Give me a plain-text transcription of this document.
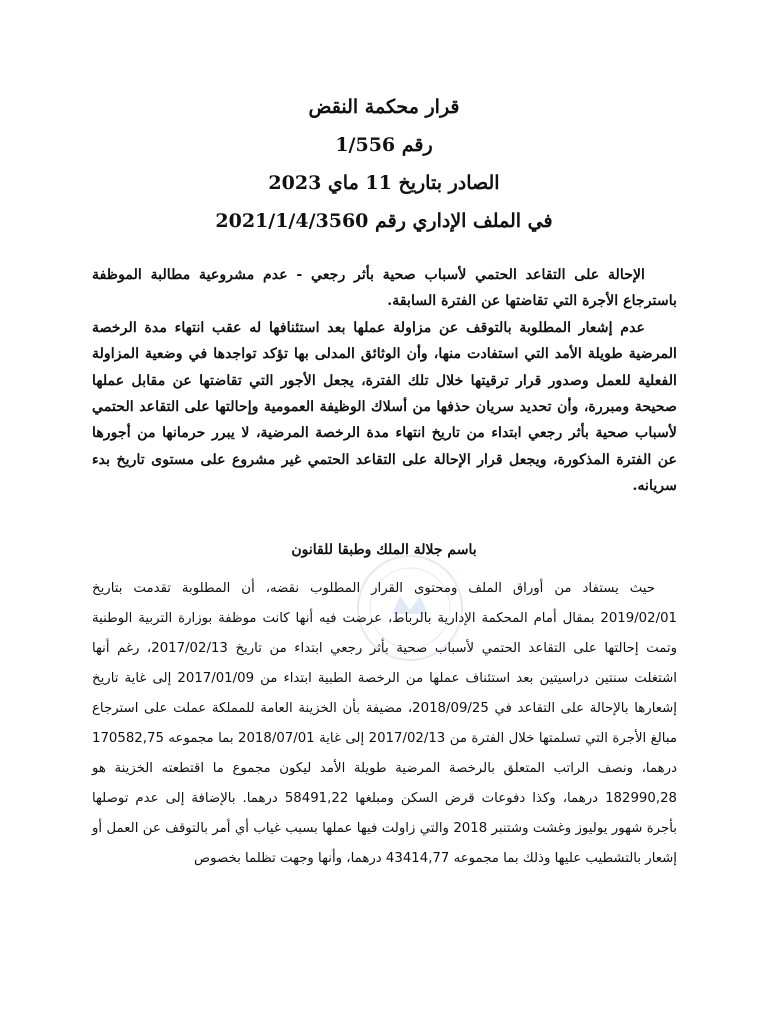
قرار محكمة النقض
رقم 1/556
الصادر بتاريخ 11 ماي 2023
في الملف الإداري رقم 2021/1/4/3560

الإحالة على التقاعد الحتمي لأسباب صحية بأثر رجعي - عدم مشروعية مطالبة الموظفة باسترجاع الأجرة التي تقاضتها عن الفترة السابقة.

عدم إشعار المطلوبة بالتوقف عن مزاولة عملها بعد استئنافها له عقب انتهاء مدة الرخصة المرضية طويلة الأمد التي استفادت منها، وأن الوثائق المدلى بها تؤكد تواجدها في وضعية المزاولة الفعلية للعمل وصدور قرار ترقيتها خلال تلك الفترة، يجعل الأجور التي تقاضتها عن مقابل عملها صحيحة ومبررة، وأن تحديد سريان حذفها من أسلاك الوظيفة العمومية وإحالتها على التقاعد الحتمي لأسباب صحية بأثر رجعي ابتداء من تاريخ انتهاء مدة الرخصة المرضية، لا يبرر حرمانها من أجورها عن الفترة المذكورة، ويجعل قرار الإحالة على التقاعد الحتمي غير مشروع على مستوى تاريخ بدء سريانه.

باسم جلالة الملك وطبقا للقانون

حيث يستفاد من أوراق الملف ومحتوى القرار المطلوب نقضه، أن المطلوبة تقدمت بتاريخ 2019/02/01 بمقال أمام المحكمة الإدارية بالرباط، عرضت فيه أنها كانت موظفة بوزارة التربية الوطنية وتمت إحالتها على التقاعد الحتمي لأسباب صحية بأثر رجعي ابتداء من تاريخ 2017/02/13، رغم أنها اشتغلت سنتين دراسيتين بعد استئناف عملها من الرخصة الطبية ابتداء من 2017/01/09 إلى غاية تاريخ إشعارها بالإحالة على التقاعد في 2018/09/25، مضيفة بأن الخزينة العامة للمملكة عملت على استرجاع مبالغ الأجرة التي تسلمتها خلال الفترة من 2017/02/13 إلى غاية 2018/07/01 بما مجموعه 170582,75 درهما، ونصف الراتب المتعلق بالرخصة المرضية طويلة الأمد ليكون مجموع ما اقتطعته الخزينة هو 182990,28 درهما، وكذا دفوعات قرض السكن ومبلغها 58491,22 درهما. بالإضافة إلى عدم توصلها بأجرة شهور يوليوز وغشت وشتنبر 2018 والتي زاولت فيها عملها بسبب غياب أي أمر بالتوقف عن العمل أو إشعار بالتشطيب عليها وذلك بما مجموعه 43414,77 درهما، وأنها وجهت تظلما بخصوص
